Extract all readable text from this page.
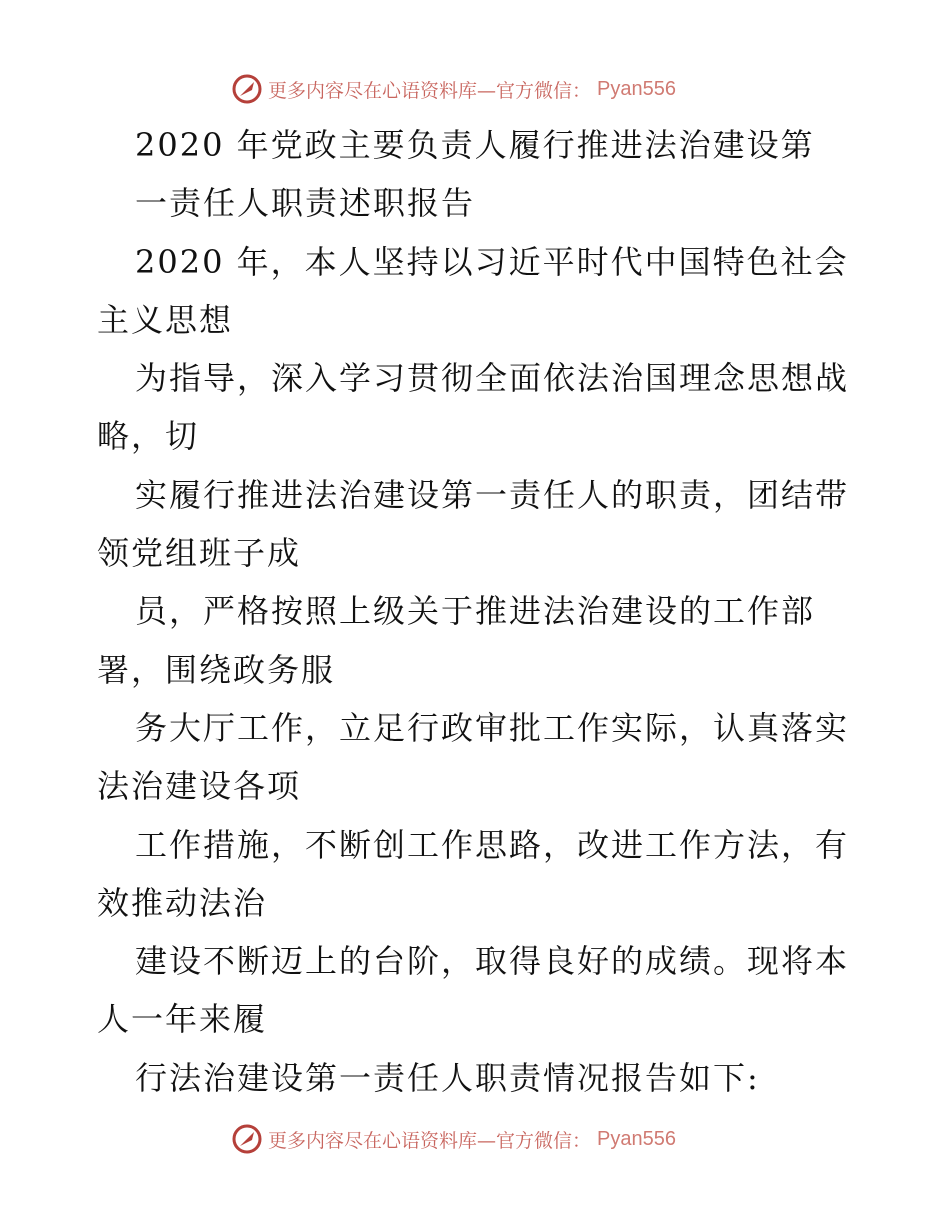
更多内容尽在心语资料库—官方微信： Pyan556
2020 年党政主要负责人履行推进法治建设第
一责任人职责述职报告
2020 年，本人坚持以习近平时代中国特色社会
主义思想
为指导，深入学习贯彻全面依法治国理念思想战
略，切
实履行推进法治建设第一责任人的职责，团结带
领党组班子成
员，严格按照上级关于推进法治建设的工作部
署，围绕政务服
务大厅工作，立足行政审批工作实际，认真落实
法治建设各项
工作措施，不断创工作思路，改进工作方法，有
效推动法治
建设不断迈上的台阶，取得良好的成绩。现将本
人一年来履
行法治建设第一责任人职责情况报告如下:
更多内容尽在心语资料库—官方微信： Pyan556
